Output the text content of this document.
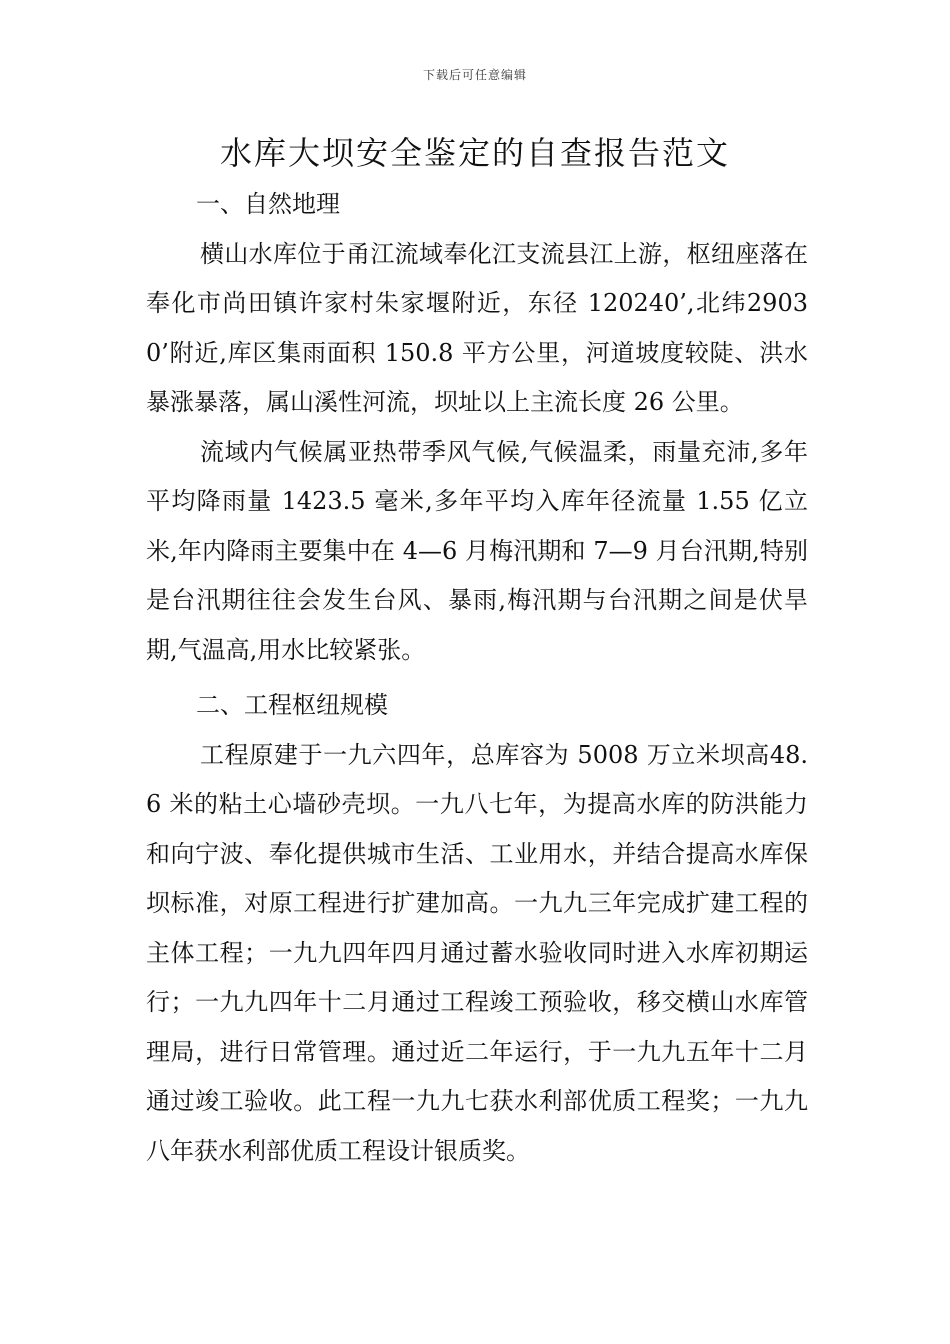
下载后可任意编辑
水库大坝安全鉴定的自查报告范文
一、自然地理

横山水库位于甬江流域奉化江支流县江上游，枢纽座落在奉化市尚田镇许家村朱家堰附近，东径 120240’,北纬29030’附近,库区集雨面积 150.8 平方公里，河道坡度较陡、洪水暴涨暴落，属山溪性河流，坝址以上主流长度 26 公里。

流域内气候属亚热带季风气候,气候温柔，雨量充沛,多年平均降雨量 1423.5 毫米,多年平均入库年径流量 1.55 亿立米,年内降雨主要集中在 4—6 月梅汛期和 7—9 月台汛期,特别是台汛期往往会发生台风、暴雨,梅汛期与台汛期之间是伏旱期,气温高,用水比较紧张。

二、工程枢纽规模

工程原建于一九六四年，总库容为 5008 万立米坝高48.6 米的粘土心墙砂壳坝。一九八七年，为提高水库的防洪能力和向宁波、奉化提供城市生活、工业用水，并结合提高水库保坝标准，对原工程进行扩建加高。一九九三年完成扩建工程的主体工程；一九九四年四月通过蓄水验收同时进入水库初期运行；一九九四年十二月通过工程竣工预验收，移交横山水库管理局，进行日常管理。通过近二年运行，于一九九五年十二月通过竣工验收。此工程一九九七获水利部优质工程奖；一九九八年获水利部优质工程设计银质奖。
